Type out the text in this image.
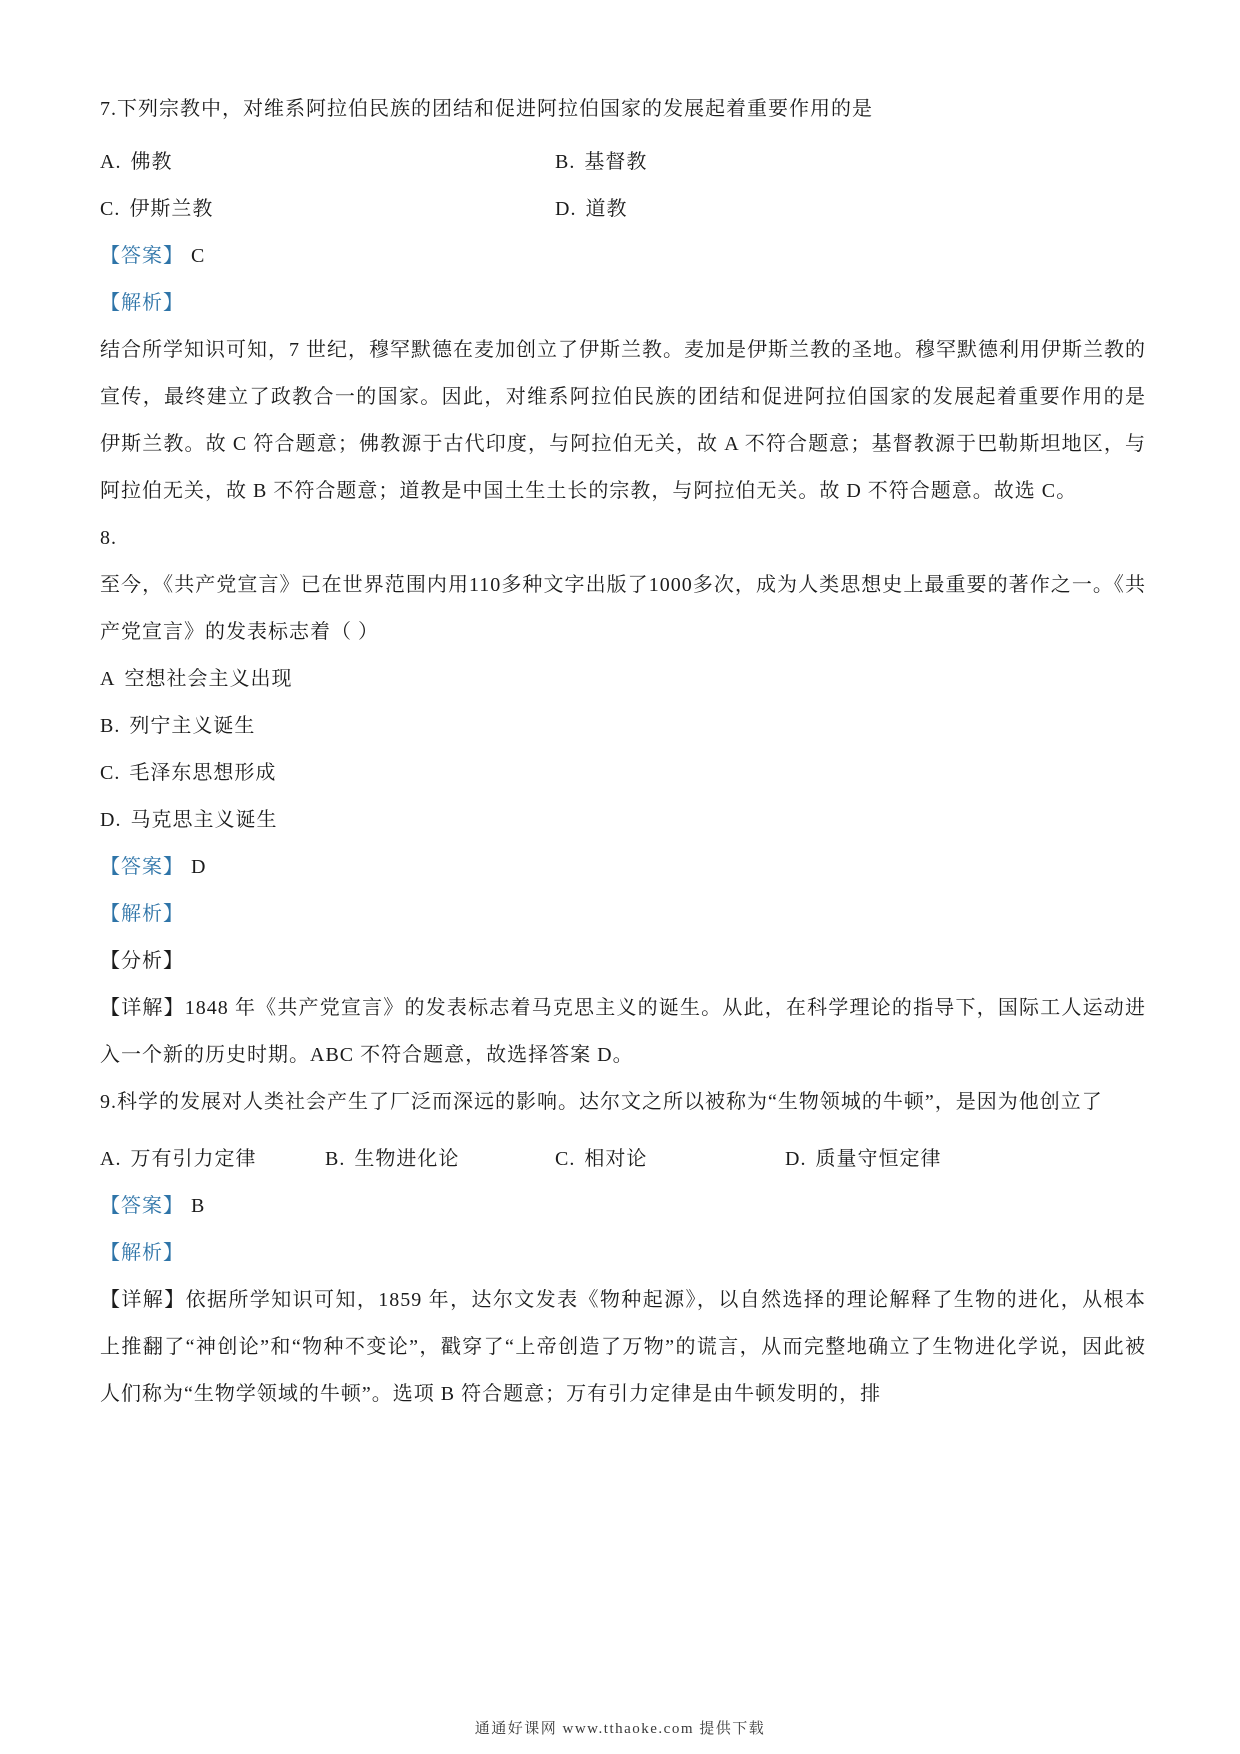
7.下列宗教中，对维系阿拉伯民族的团结和促进阿拉伯国家的发展起着重要作用的是

A. 佛教	B. 基督教
C. 伊斯兰教	D. 道教

【答案】 C

【解析】

结合所学知识可知，7 世纪，穆罕默德在麦加创立了伊斯兰教。麦加是伊斯兰教的圣地。穆罕默德利用伊斯兰教的宣传，最终建立了政教合一的国家。因此，对维系阿拉伯民族的团结和促进阿拉伯国家的发展起着重要作用的是伊斯兰教。故 C 符合题意；佛教源于古代印度，与阿拉伯无关，故 A 不符合题意；基督教源于巴勒斯坦地区，与阿拉伯无关，故 B 不符合题意；道教是中国土生土长的宗教，与阿拉伯无关。故 D 不符合题意。故选 C。

8.

至今，《共产党宣言》已在世界范围内用110多种文字出版了1000多次，成为人类思想史上最重要的著作之一。《共产党宣言》的发表标志着（ ）

A 空想社会主义出现

B. 列宁主义诞生

C. 毛泽东思想形成

D. 马克思主义诞生

【答案】 D

【解析】

【分析】

【详解】1848 年《共产党宣言》的发表标志着马克思主义的诞生。从此，在科学理论的指导下，国际工人运动进入一个新的历史时期。ABC 不符合题意，故选择答案 D。

9.科学的发展对人类社会产生了厂泛而深远的影响。达尔文之所以被称为“生物领城的牛顿”，是因为他创立了

A. 万有引力定律	B. 生物进化论	C. 相对论	D. 质量守恒定律

【答案】 B

【解析】

【详解】依据所学知识可知，1859 年，达尔文发表《物种起源》，以自然选择的理论解释了生物的进化，从根本上推翻了“神创论”和“物种不变论”，戳穿了“上帝创造了万物”的谎言，从而完整地确立了生物进化学说，因此被人们称为“生物学领域的牛顿”。选项 B 符合题意；万有引力定律是由牛顿发明的，排

通通好课网 www.tthaoke.com 提供下载
